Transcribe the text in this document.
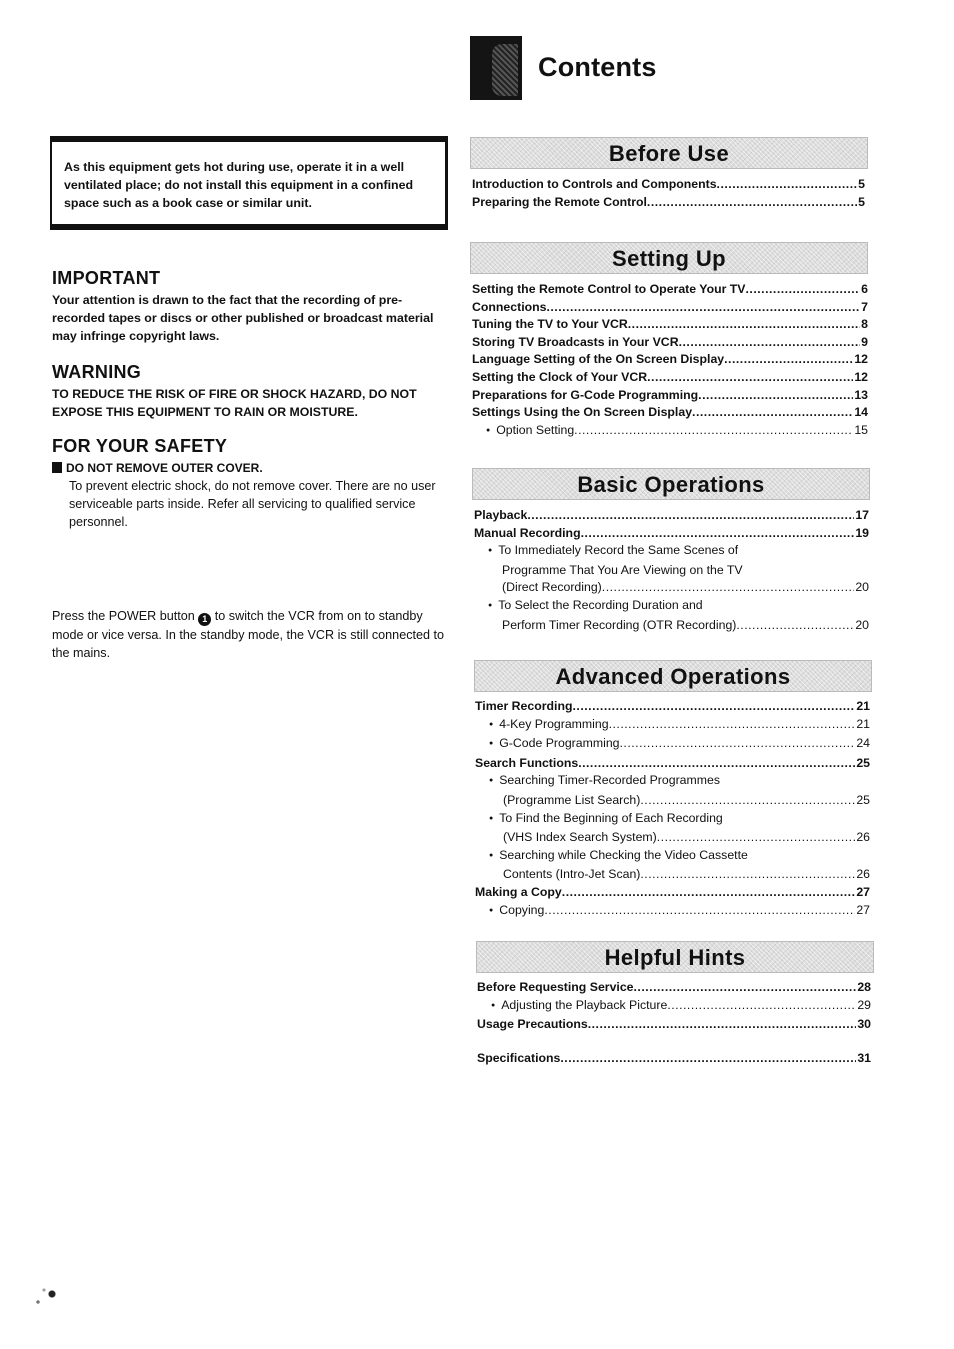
Contents
As this equipment gets hot during use, operate it in a well ventilated place; do not install this equipment in a confined space such as a book case or similar unit.
IMPORTANT
Your attention is drawn to the fact that the recording of pre-recorded tapes or discs or other published or broadcast material may infringe copyright laws.
WARNING
TO REDUCE THE RISK OF FIRE OR SHOCK HAZARD, DO NOT EXPOSE THIS EQUIPMENT TO RAIN OR MOISTURE.
FOR YOUR SAFETY
DO NOT REMOVE OUTER COVER.
To prevent electric shock, do not remove cover. There are no user serviceable parts inside. Refer all servicing to qualified service personnel.
Press the POWER button 1 to switch the VCR from on to standby mode or vice versa. In the standby mode, the VCR is still connected to the mains.
Before Use
Introduction to Controls and Components .....	5
Preparing the Remote Control .....	5
Setting Up
Setting the Remote Control to Operate Your TV .....	6
Connections .....	7
Tuning the TV to Your VCR .....	8
Storing TV Broadcasts in Your VCR .....	9
Language Setting of the On Screen Display .....	12
Setting the Clock of Your VCR .....	12
Preparations for G-Code Programming .....	13
Settings Using the On Screen Display .....	14
● Option Setting .....	15
Basic Operations
Playback .....	17
Manual Recording .....	19
● To Immediately Record the Same Scenes of
Programme That You Are Viewing on the TV
(Direct Recording) .....	20
● To Select the Recording Duration and
Perform Timer Recording (OTR Recording) .....	20
Advanced Operations
Timer Recording .....	21
● 4-Key Programming .....	21
● G-Code Programming .....	24
Search Functions .....	25
● Searching Timer-Recorded Programmes
(Programme List Search) .....	25
● To Find the Beginning of Each Recording
(VHS Index Search System) .....	26
● Searching while Checking the Video Cassette
Contents (Intro-Jet Scan) .....	26
Making a Copy .....	27
● Copying .....	27
Helpful Hints
Before Requesting Service .....	28
● Adjusting the Playback Picture .....	29
Usage Precautions .....	30
Specifications .....	31
